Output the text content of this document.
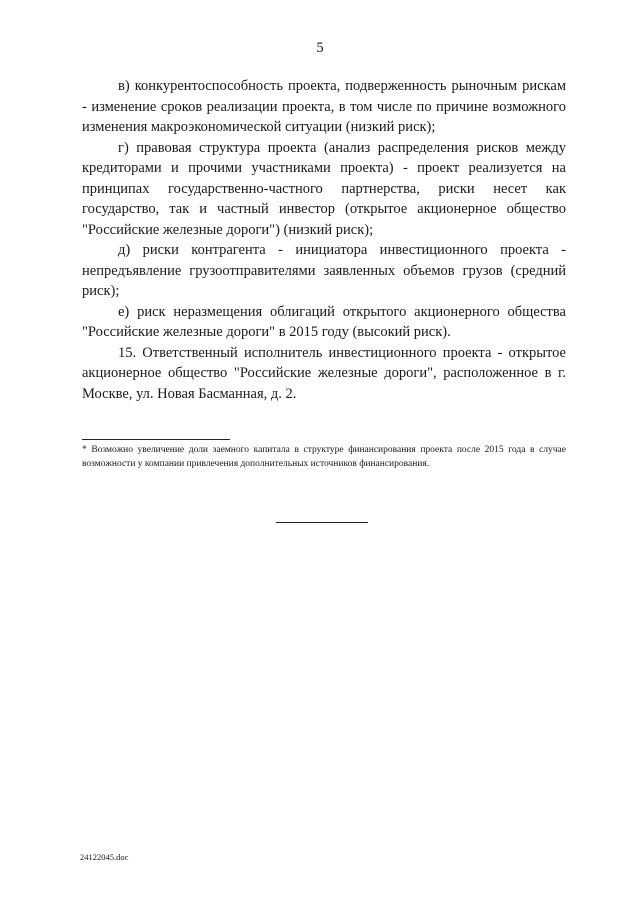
5

в) конкурентоспособность проекта, подверженность рыночным рискам - изменение сроков реализации проекта, в том числе по причине возможного изменения макроэкономической ситуации (низкий риск);

г) правовая структура проекта (анализ распределения рисков между кредиторами и прочими участниками проекта) - проект реализуется на принципах государственно-частного партнерства, риски несет как государство, так и частный инвестор (открытое акционерное общество "Российские железные дороги") (низкий риск);

д) риски контрагента - инициатора инвестиционного проекта - непредъявление грузоотправителями заявленных объемов грузов (средний риск);

е) риск неразмещения облигаций открытого акционерного общества "Российские железные дороги" в 2015 году (высокий риск).

15. Ответственный исполнитель инвестиционного проекта - открытое акционерное общество "Российские железные дороги", расположенное в г. Москве, ул. Новая Басманная, д. 2.

* Возможно увеличение доли заемного капитала в структуре финансирования проекта после 2015 года в случае возможности у компании привлечения дополнительных источников финансирования.

24122045.doc
